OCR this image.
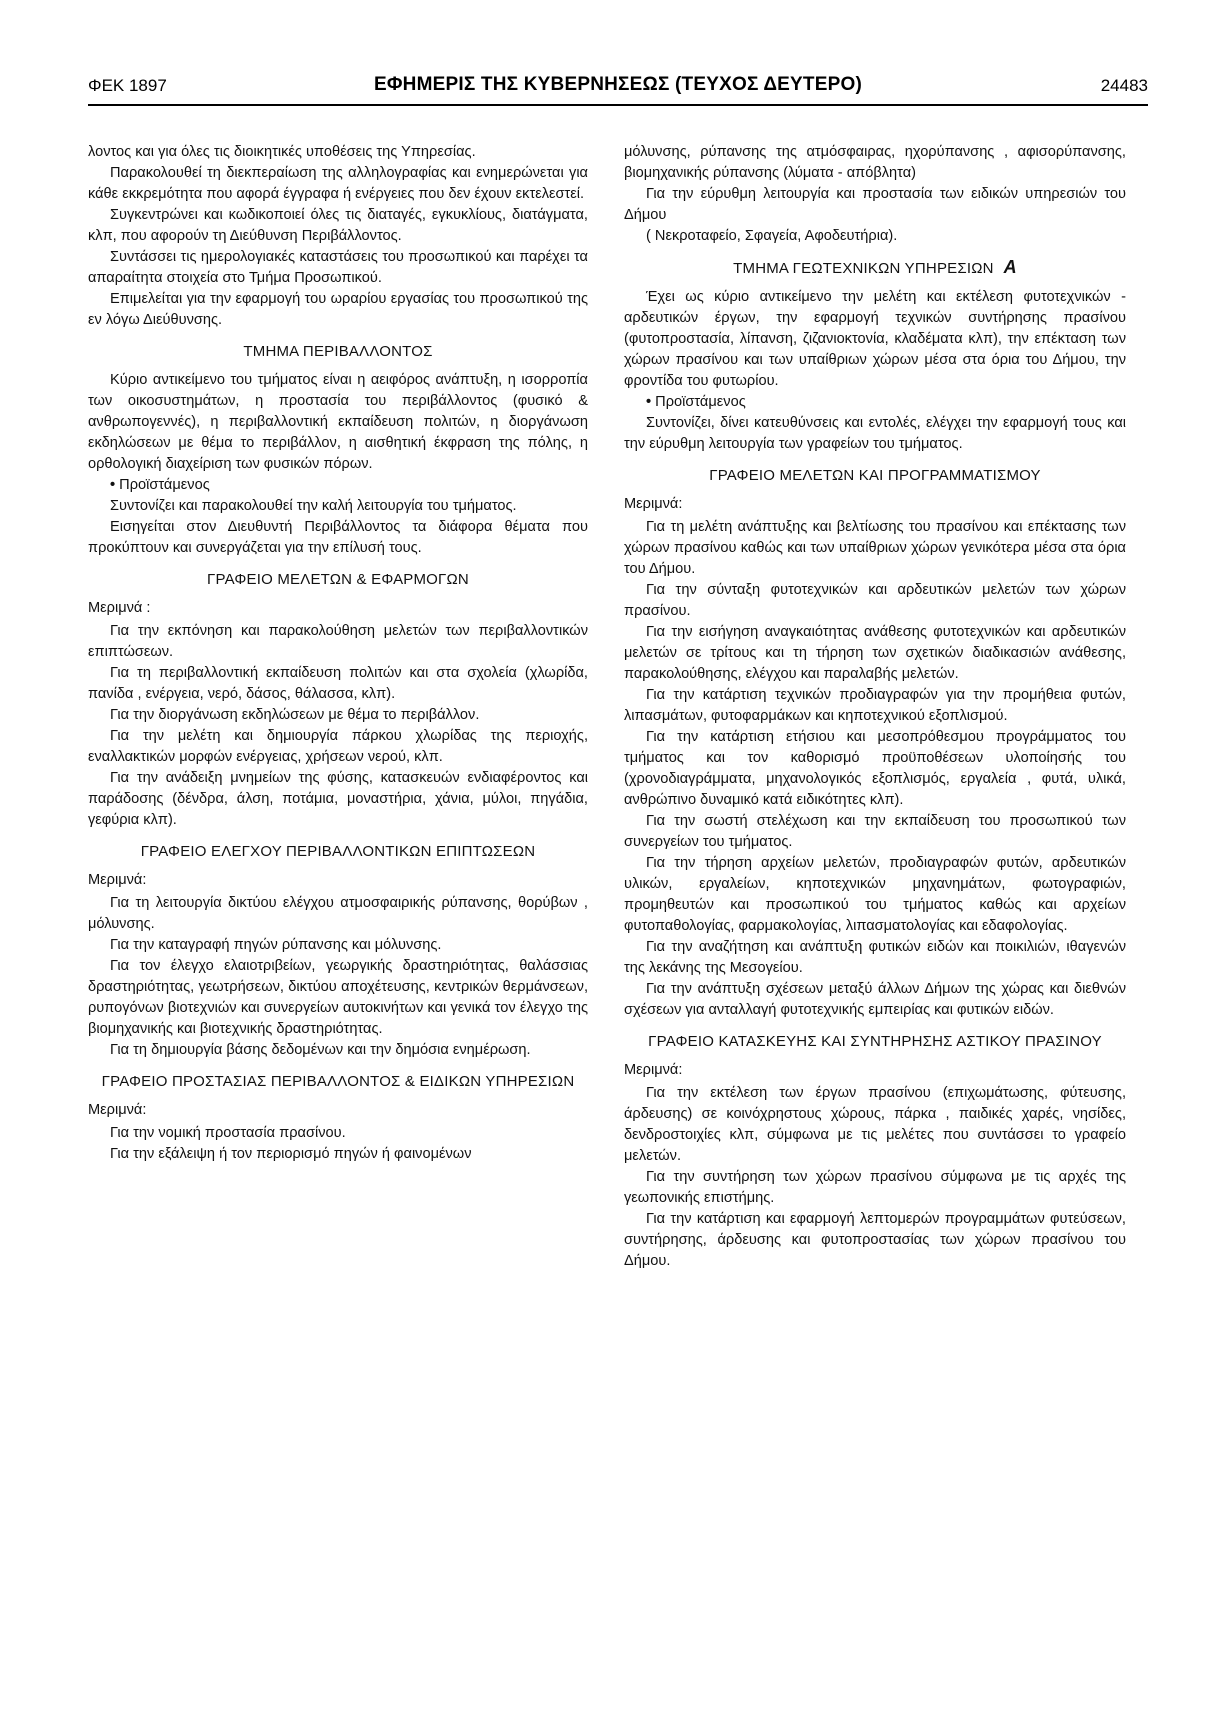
ΦΕΚ 1897	ΕΦΗΜΕΡΙΣ ΤΗΣ ΚΥΒΕΡΝΗΣΕΩΣ (ΤΕΥΧΟΣ ΔΕΥΤΕΡΟ)	24483

λοντος και για όλες τις διοικητικές υποθέσεις της Υπηρεσίας.

Παρακολουθεί τη διεκπεραίωση της αλληλογραφίας και ενημερώνεται για κάθε εκκρεμότητα που αφορά έγγραφα ή ενέργειες που δεν έχουν εκτελεστεί.

Συγκεντρώνει και κωδικοποιεί όλες τις διαταγές, εγκυκλίους, διατάγματα, κλπ, που αφορούν τη Διεύθυνση Περιβάλλοντος.

Συντάσσει τις ημερολογιακές καταστάσεις του προσωπικού και παρέχει τα απαραίτητα στοιχεία στο Τμήμα Προσωπικού.

Επιμελείται για την εφαρμογή του ωραρίου εργασίας του προσωπικού της εν λόγω Διεύθυνσης.

ΤΜΗΜΑ ΠΕΡΙΒΑΛΛΟΝΤΟΣ

Κύριο αντικείμενο του τμήματος είναι η αειφόρος ανάπτυξη, η ισορροπία των οικοσυστημάτων, η προστασία του περιβάλλοντος (φυσικό & ανθρωπογεννές), η περιβαλλοντική εκπαίδευση πολιτών, η διοργάνωση εκδηλώσεων με θέμα το περιβάλλον, η αισθητική έκφραση της πόλης, η ορθολογική διαχείριση των φυσικών πόρων.

• Προϊστάμενος

Συντονίζει και παρακολουθεί την καλή λειτουργία του τμήματος.

Εισηγείται στον Διευθυντή Περιβάλλοντος τα διάφορα θέματα που προκύπτουν και συνεργάζεται για την επίλυσή τους.

ΓΡΑΦΕΙΟ ΜΕΛΕΤΩΝ & ΕΦΑΡΜΟΓΩΝ

Μεριμνά :

Για την εκπόνηση και παρακολούθηση μελετών των περιβαλλοντικών επιπτώσεων.

Για τη περιβαλλοντική εκπαίδευση πολιτών και στα σχολεία (χλωρίδα, πανίδα , ενέργεια, νερό, δάσος, θάλασσα, κλπ).

Για την διοργάνωση εκδηλώσεων με θέμα το περιβάλλον.

Για την μελέτη και δημιουργία πάρκου χλωρίδας της περιοχής, εναλλακτικών μορφών ενέργειας, χρήσεων νερού, κλπ.

Για την ανάδειξη μνημείων της φύσης, κατασκευών ενδιαφέροντος και παράδοσης (δένδρα, άλση, ποτάμια, μοναστήρια, χάνια, μύλοι, πηγάδια, γεφύρια κλπ).

ΓΡΑΦΕΙΟ ΕΛΕΓΧΟΥ ΠΕΡΙΒΑΛΛΟΝΤΙΚΩΝ ΕΠΙΠΤΩΣΕΩΝ

Μεριμνά:

Για τη λειτουργία δικτύου ελέγχου ατμοσφαιρικής ρύπανσης, θορύβων , μόλυνσης.

Για την καταγραφή πηγών ρύπανσης και μόλυνσης.

Για τον έλεγχο ελαιοτριβείων, γεωργικής δραστηριότητας, θαλάσσιας δραστηριότητας, γεωτρήσεων, δικτύου αποχέτευσης, κεντρικών θερμάνσεων, ρυπογόνων βιοτεχνιών και συνεργείων αυτοκινήτων και γενικά τον έλεγχο της βιομηχανικής και βιοτεχνικής δραστηριότητας.

Για τη δημιουργία βάσης δεδομένων και την δημόσια ενημέρωση.

ΓΡΑΦΕΙΟ ΠΡΟΣΤΑΣΙΑΣ ΠΕΡΙΒΑΛΛΟΝΤΟΣ & ΕΙΔΙΚΩΝ ΥΠΗΡΕΣΙΩΝ

Μεριμνά:

Για την νομική προστασία πρασίνου.

Για την εξάλειψη ή τον περιορισμό πηγών ή φαινομένων

μόλυνσης, ρύπανσης της ατμόσφαιρας, ηχορύπανσης , αφισορύπανσης, βιομηχανικής ρύπανσης (λύματα - απόβλητα)

Για την εύρυθμη λειτουργία και προστασία των ειδικών υπηρεσιών του Δήμου

( Νεκροταφείο, Σφαγεία, Αφοδευτήρια).

ΤΜΗΜΑ ΓΕΩΤΕΧΝΙΚΩΝ ΥΠΗΡΕΣΙΩΝ A

Έχει ως κύριο αντικείμενο την μελέτη και εκτέλεση φυτοτεχνικών - αρδευτικών έργων, την εφαρμογή τεχνικών συντήρησης πρασίνου (φυτοπροστασία, λίπανση, ζιζανιοκτονία, κλαδέματα κλπ), την επέκταση των χώρων πρασίνου και των υπαίθριων χώρων μέσα στα όρια του Δήμου, την φροντίδα του φυτωρίου.

• Προϊστάμενος

Συντονίζει, δίνει κατευθύνσεις και εντολές, ελέγχει την εφαρμογή τους και την εύρυθμη λειτουργία των γραφείων του τμήματος.

ΓΡΑΦΕΙΟ ΜΕΛΕΤΩΝ ΚΑΙ ΠΡΟΓΡΑΜΜΑΤΙΣΜΟΥ

Μεριμνά:

Για τη μελέτη ανάπτυξης και βελτίωσης του πρασίνου και επέκτασης των χώρων πρασίνου καθώς και των υπαίθριων χώρων γενικότερα μέσα στα όρια του Δήμου.

Για την σύνταξη φυτοτεχνικών και αρδευτικών μελετών των χώρων πρασίνου.

Για την εισήγηση αναγκαιότητας ανάθεσης φυτοτεχνικών και αρδευτικών μελετών σε τρίτους και τη τήρηση των σχετικών διαδικασιών ανάθεσης, παρακολούθησης, ελέγχου και παραλαβής μελετών.

Για την κατάρτιση τεχνικών προδιαγραφών για την προμήθεια φυτών, λιπασμάτων, φυτοφαρμάκων και κηποτεχνικού εξοπλισμού.

Για την κατάρτιση ετήσιου και μεσοπρόθεσμου προγράμματος του τμήματος και τον καθορισμό προϋποθέσεων υλοποίησής του (χρονοδιαγράμματα, μηχανολογικός εξοπλισμός, εργαλεία , φυτά, υλικά, ανθρώπινο δυναμικό κατά ειδικότητες κλπ).

Για την σωστή στελέχωση και την εκπαίδευση του προσωπικού των συνεργείων του τμήματος.

Για την τήρηση αρχείων μελετών, προδιαγραφών φυτών, αρδευτικών υλικών, εργαλείων, κηποτεχνικών μηχανημάτων, φωτογραφιών, προμηθευτών και προσωπικού του τμήματος καθώς και αρχείων φυτοπαθολογίας, φαρμακολογίας, λιπασματολογίας και εδαφολογίας.

Για την αναζήτηση και ανάπτυξη φυτικών ειδών και ποικιλιών, ιθαγενών της λεκάνης της Μεσογείου.

Για την ανάπτυξη σχέσεων μεταξύ άλλων Δήμων της χώρας και διεθνών σχέσεων για ανταλλαγή φυτοτεχνικής εμπειρίας και φυτικών ειδών.

ΓΡΑΦΕΙΟ ΚΑΤΑΣΚΕΥΗΣ ΚΑΙ ΣΥΝΤΗΡΗΣΗΣ ΑΣΤΙΚΟΥ ΠΡΑΣΙΝΟΥ

Μεριμνά:

Για την εκτέλεση των έργων πρασίνου (επιχωμάτωσης, φύτευσης, άρδευσης) σε κοινόχρηστους χώρους, πάρκα , παιδικές χαρές, νησίδες, δενδροστοιχίες κλπ, σύμφωνα με τις μελέτες που συντάσσει το γραφείο μελετών.

Για την συντήρηση των χώρων πρασίνου σύμφωνα με τις αρχές της γεωπονικής επιστήμης.

Για την κατάρτιση και εφαρμογή λεπτομερών προγραμμάτων φυτεύσεων, συντήρησης, άρδευσης και φυτοπροστασίας των χώρων πρασίνου του Δήμου.
